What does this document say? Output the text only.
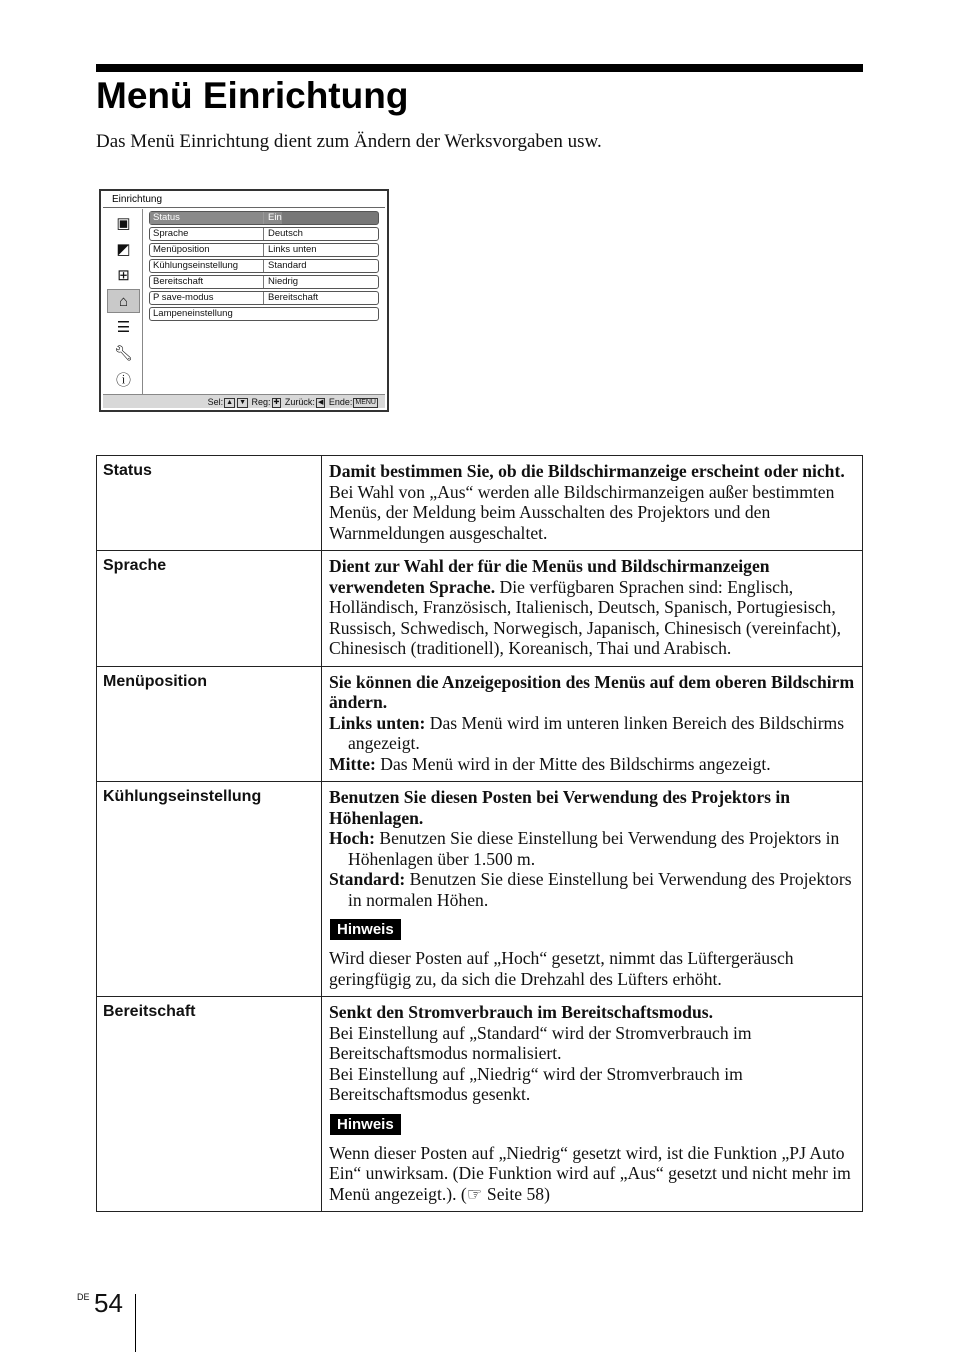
Menü Einrichtung
Das Menü Einrichtung dient zum Ändern der Werksvorgaben usw.
Einrichtung
▣
◩
⊞
⌂
☰
🔧︎
ⓘ
Status	Ein
Sprache	Deutsch
Menüposition	Links unten
Kühlungseinstellung	Standard
Bereitschaft	Niedrig
P save-modus	Bereitschaft
Lampeneinstellung
Sel: ▲ ▼ Reg: ✚ Zurück: ◀ Ende: MENU
Status	Damit bestimmen Sie, ob die Bildschirmanzeige erscheint oder nicht.

Bei Wahl von „Aus“ werden alle Bildschirmanzeigen außer bestimmten Menüs, der Meldung beim Ausschalten des Projektors und den Warnmeldungen ausgeschaltet.

Sprache	Dient zur Wahl der für die Menüs und Bildschirmanzeigen verwendeten Sprache. Die verfügbaren Sprachen sind: Englisch, Holländisch, Französisch, Italienisch, Deutsch, Spanisch, Portugiesisch, Russisch, Schwedisch, Norwegisch, Japanisch, Chinesisch (vereinfacht), Chinesisch (traditionell), Koreanisch, Thai und Arabisch.

Menüposition	Sie können die Anzeigeposition des Menüs auf dem oberen Bildschirm ändern.

Links unten: Das Menü wird im unteren linken Bereich des Bildschirms angezeigt.

Mitte: Das Menü wird in der Mitte des Bildschirms angezeigt.

Kühlungseinstellung	Benutzen Sie diesen Posten bei Verwendung des Projektors in Höhenlagen.

Hoch: Benutzen Sie diese Einstellung bei Verwendung des Projektors in Höhenlagen über 1.500 m.

Standard: Benutzen Sie diese Einstellung bei Verwendung des Projektors in normalen Höhen.

Hinweis

Wird dieser Posten auf „Hoch“ gesetzt, nimmt das Lüftergeräusch geringfügig zu, da sich die Drehzahl des Lüfters erhöht.

Bereitschaft	Senkt den Stromverbrauch im Bereitschaftsmodus.

Bei Einstellung auf „Standard“ wird der Stromverbrauch im Bereitschaftsmodus normalisiert.

Bei Einstellung auf „Niedrig“ wird der Stromverbrauch im Bereitschaftsmodus gesenkt.

Hinweis

Wenn dieser Posten auf „Niedrig“ gesetzt wird, ist die Funktion „PJ Auto Ein“ unwirksam. (Die Funktion wird auf „Aus“ gesetzt und nicht mehr im Menü angezeigt.). (☞ Seite 58)

DE 54
